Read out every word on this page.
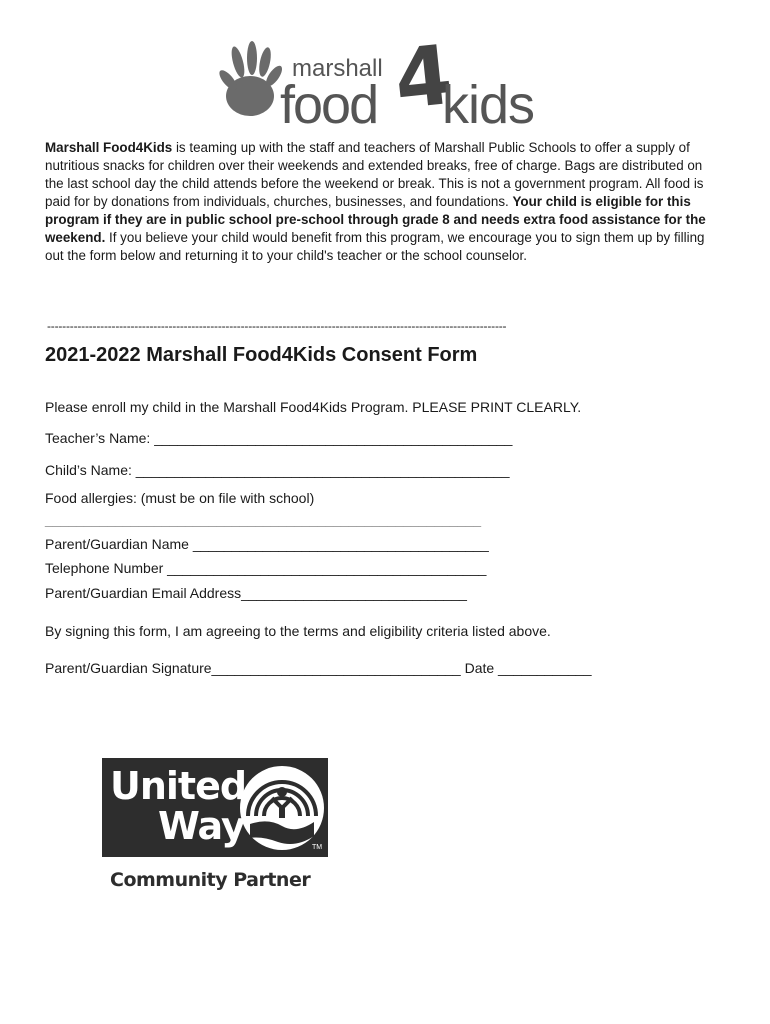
marshall
food 4
kids
Marshall Food4Kids is teaming up with the staff and teachers of Marshall Public Schools to offer a supply of nutritious snacks for children over their weekends and extended breaks, free of charge. Bags are distributed on the last school day the child attends before the weekend or break. This is not a government program. All food is paid for by donations from individuals, churches, businesses, and foundations. Your child is eligible for this program if they are in public school pre-school through grade 8 and needs extra food assistance for the weekend. If you believe your child would benefit from this program, we encourage you to sign them up by filling out the form below and returning it to your child's teacher or the school counselor.
-------------------------------------------------------------------------------------------------------------------------
2021-2022 Marshall Food4Kids Consent Form
Please enroll my child in the Marshall Food4Kids Program. PLEASE PRINT CLEARLY.
Teacher’s Name: ______________________________________________
Child’s Name: ________________________________________________
Food allergies: (must be on file with school)
________________________________________________________
Parent/Guardian Name ______________________________________
Telephone Number _________________________________________
Parent/Guardian Email Address_____________________________
By signing this form, I am agreeing to the terms and eligibility criteria listed above.
Parent/Guardian Signature________________________________ Date ____________
United
Way	TM
Community Partner
